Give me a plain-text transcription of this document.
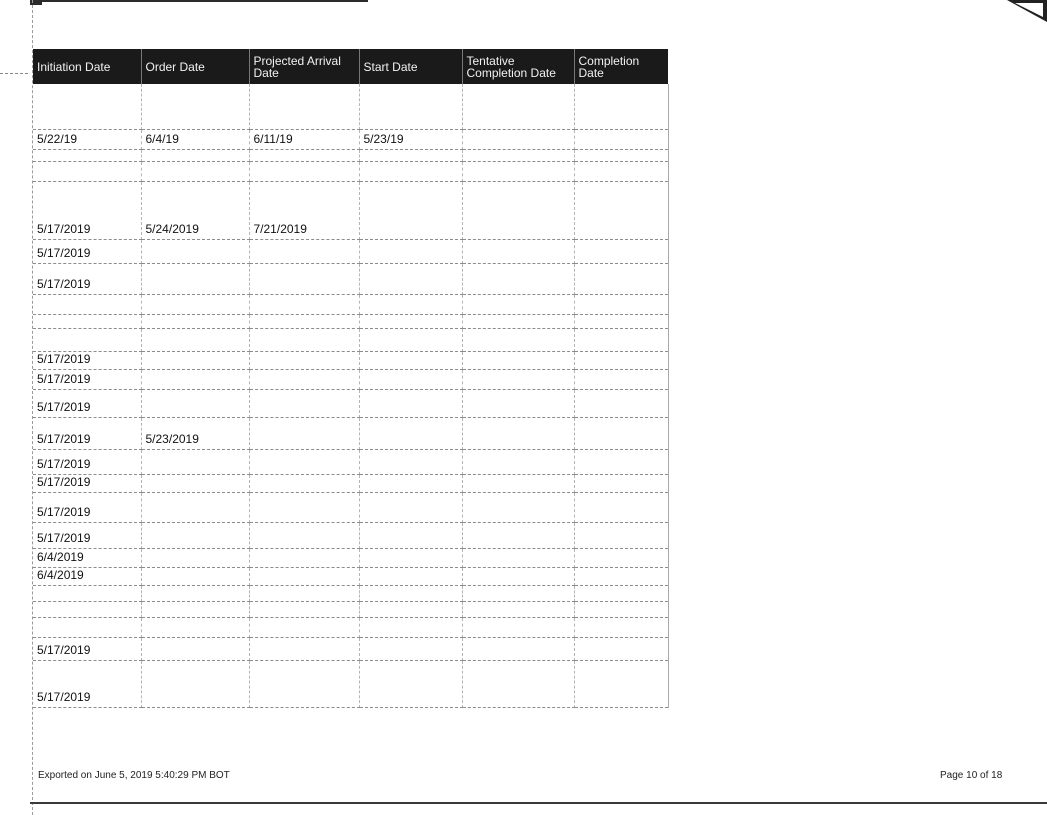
Initiation Date	Order Date	Projected Arrival Date	Start Date	Tentative Completion Date	Completion Date

5/22/19	6/4/19	6/11/19	5/23/19		

5/17/2019	5/24/2019	7/21/2019			
5/17/2019					
5/17/2019					

5/17/2019					
5/17/2019					
5/17/2019					
5/17/2019	5/23/2019				
5/17/2019					
5/17/2019					
5/17/2019					
5/17/2019					
6/4/2019					
6/4/2019					

5/17/2019					
5/17/2019					
Exported on June 5, 2019 5:40:29 PM BOT	Page 10 of 18
